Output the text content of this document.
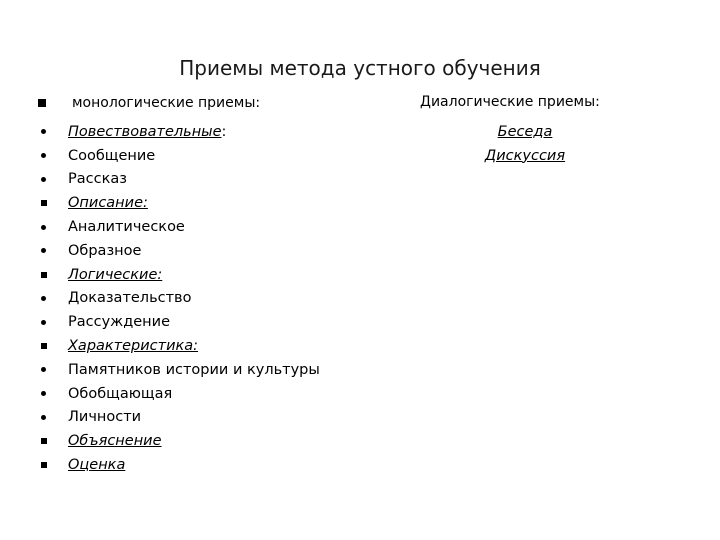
Приемы метода устного обучения
монологические приемы:	Диалогические приемы:
Повествовательные :
Сообщение
Рассказ
Описание:
Аналитическое
Образное
Логические:
Доказательство
Рассуждение
Характеристика:
Памятников истории и культуры
Обобщающая
Личности
Объяснение
Оценка
Беседа
Дискуссия
